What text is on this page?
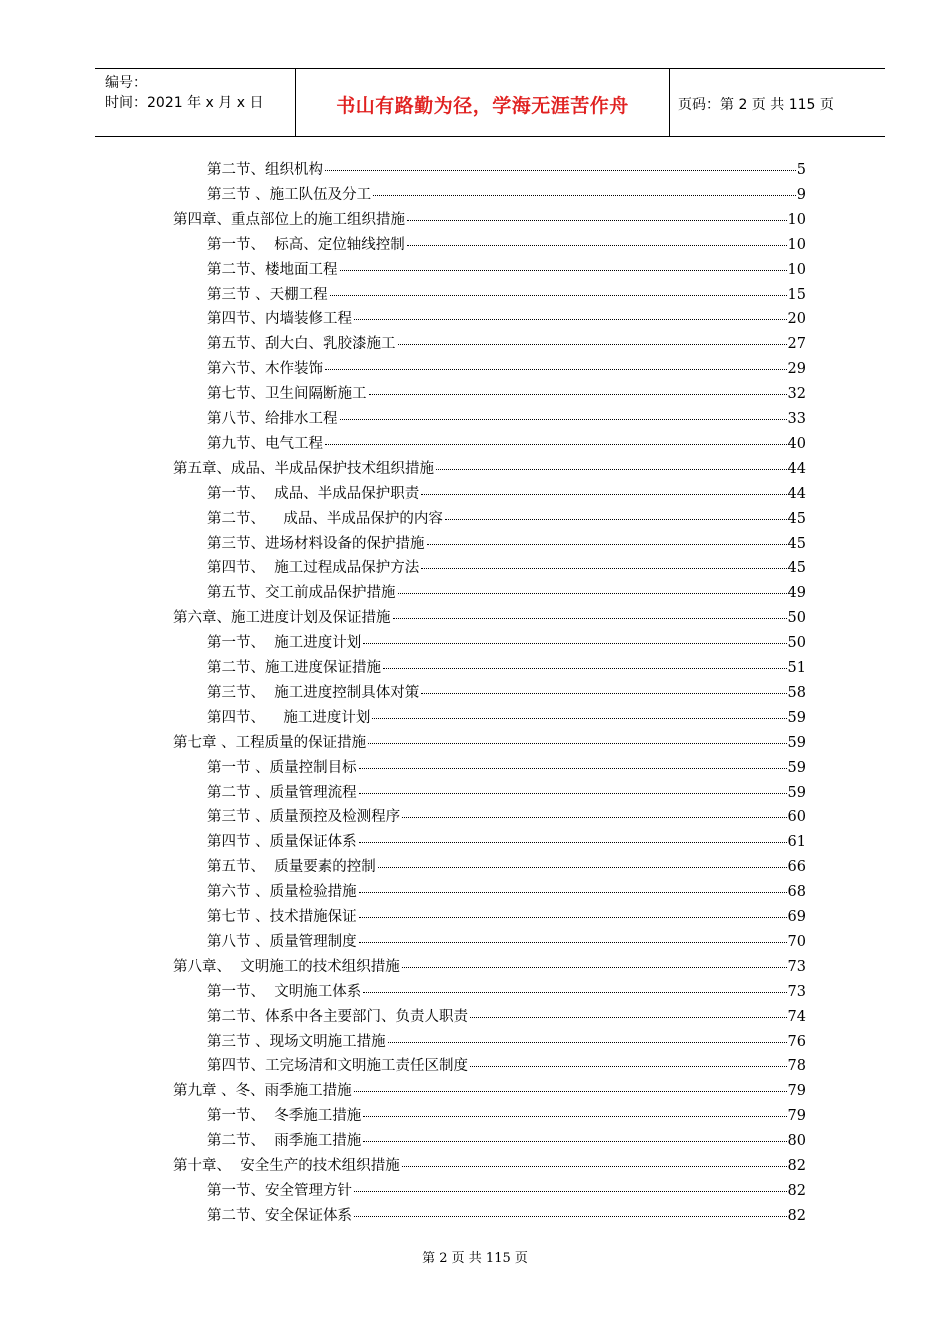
编号：
时间：2021 年 x 月 x 日	书山有路勤为径，学海无涯苦作舟	页码：第 2 页 共 115 页
第二节、组织机构	5
第三节 、施工队伍及分工	9
第四章、重点部位上的施工组织措施	10
第一节、  标高、定位轴线控制	10
第二节、楼地面工程	10
第三节 、天棚工程	15
第四节、内墙装修工程	20
第五节、刮大白、乳胶漆施工	27
第六节、木作装饰	29
第七节、卫生间隔断施工	32
第八节、给排水工程	33
第九节、电气工程	40
第五章、成品、半成品保护技术组织措施	44
第一节、  成品、半成品保护职责	44
第二节、    成品、半成品保护的内容	45
第三节、进场材料设备的保护措施	45
第四节、  施工过程成品保护方法	45
第五节、交工前成品保护措施	49
第六章、施工进度计划及保证措施	50
第一节、  施工进度计划	50
第二节、施工进度保证措施	51
第三节、  施工进度控制具体对策	58
第四节、    施工进度计划	59
第七章 、工程质量的保证措施	59
第一节 、质量控制目标	59
第二节 、质量管理流程	59
第三节 、质量预控及检测程序	60
第四节 、质量保证体系	61
第五节、  质量要素的控制	66
第六节 、质量检验措施	68
第七节 、技术措施保证	69
第八节 、质量管理制度	70
第八章、  文明施工的技术组织措施	73
第一节、  文明施工体系	73
第二节、体系中各主要部门、负责人职责	74
第三节 、现场文明施工措施	76
第四节、工完场清和文明施工责任区制度	78
第九章 、冬、雨季施工措施	79
第一节、  冬季施工措施	79
第二节、  雨季施工措施	80
第十章、  安全生产的技术组织措施	82
第一节、安全管理方针	82
第二节、安全保证体系	82
第 2 页 共 115 页
